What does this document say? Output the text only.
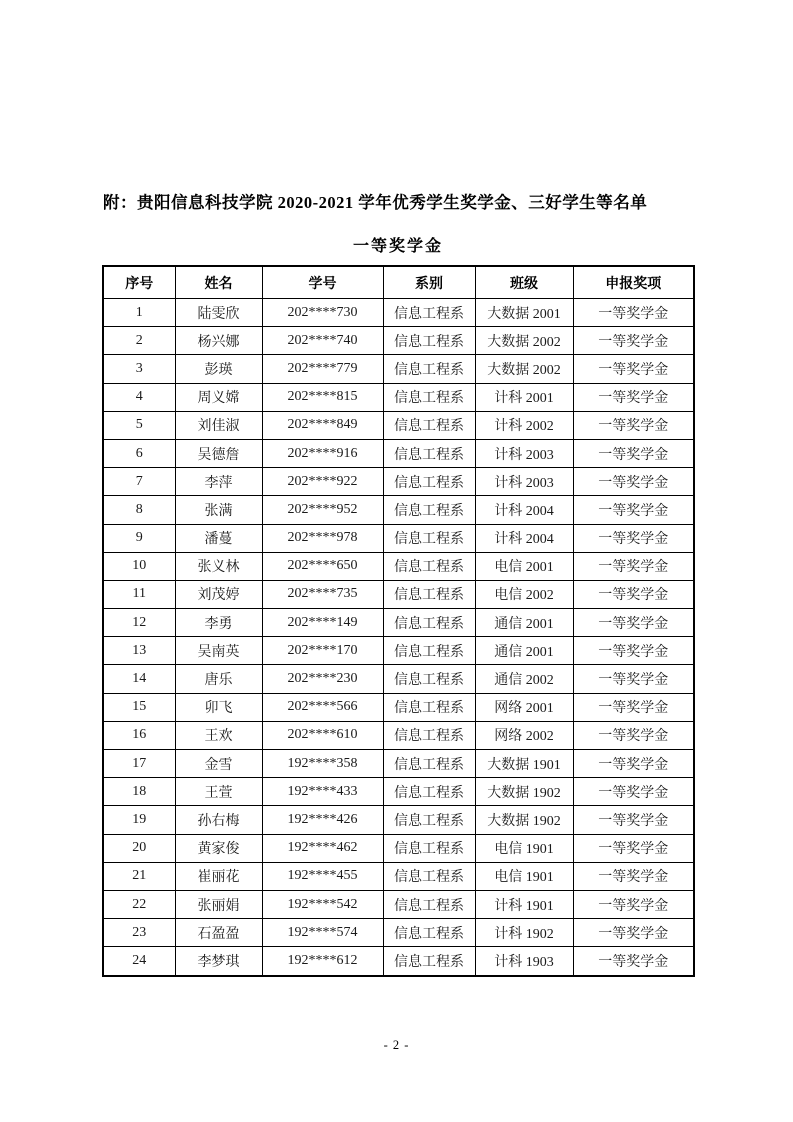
附：贵阳信息科技学院 2020-2021 学年优秀学生奖学金、三好学生等名单
一等奖学金
序号	姓名	学号	系别	班级	申报奖项
1	陆雯欣	202****730	信息工程系	大数据 2001	一等奖学金
2	杨兴娜	202****740	信息工程系	大数据 2002	一等奖学金
3	彭瑛	202****779	信息工程系	大数据 2002	一等奖学金
4	周义嫦	202****815	信息工程系	计科 2001	一等奖学金
5	刘佳淑	202****849	信息工程系	计科 2002	一等奖学金
6	吴德詹	202****916	信息工程系	计科 2003	一等奖学金
7	李萍	202****922	信息工程系	计科 2003	一等奖学金
8	张满	202****952	信息工程系	计科 2004	一等奖学金
9	潘蔓	202****978	信息工程系	计科 2004	一等奖学金
10	张义林	202****650	信息工程系	电信 2001	一等奖学金
11	刘茂婷	202****735	信息工程系	电信 2002	一等奖学金
12	李勇	202****149	信息工程系	通信 2001	一等奖学金
13	吴南英	202****170	信息工程系	通信 2001	一等奖学金
14	唐乐	202****230	信息工程系	通信 2002	一等奖学金
15	卯飞	202****566	信息工程系	网络 2001	一等奖学金
16	王欢	202****610	信息工程系	网络 2002	一等奖学金
17	金雪	192****358	信息工程系	大数据 1901	一等奖学金
18	王萱	192****433	信息工程系	大数据 1902	一等奖学金
19	孙右梅	192****426	信息工程系	大数据 1902	一等奖学金
20	黄家俊	192****462	信息工程系	电信 1901	一等奖学金
21	崔丽花	192****455	信息工程系	电信 1901	一等奖学金
22	张丽娟	192****542	信息工程系	计科 1901	一等奖学金
23	石盈盈	192****574	信息工程系	计科 1902	一等奖学金
24	李梦琪	192****612	信息工程系	计科 1903	一等奖学金
- 2 -
